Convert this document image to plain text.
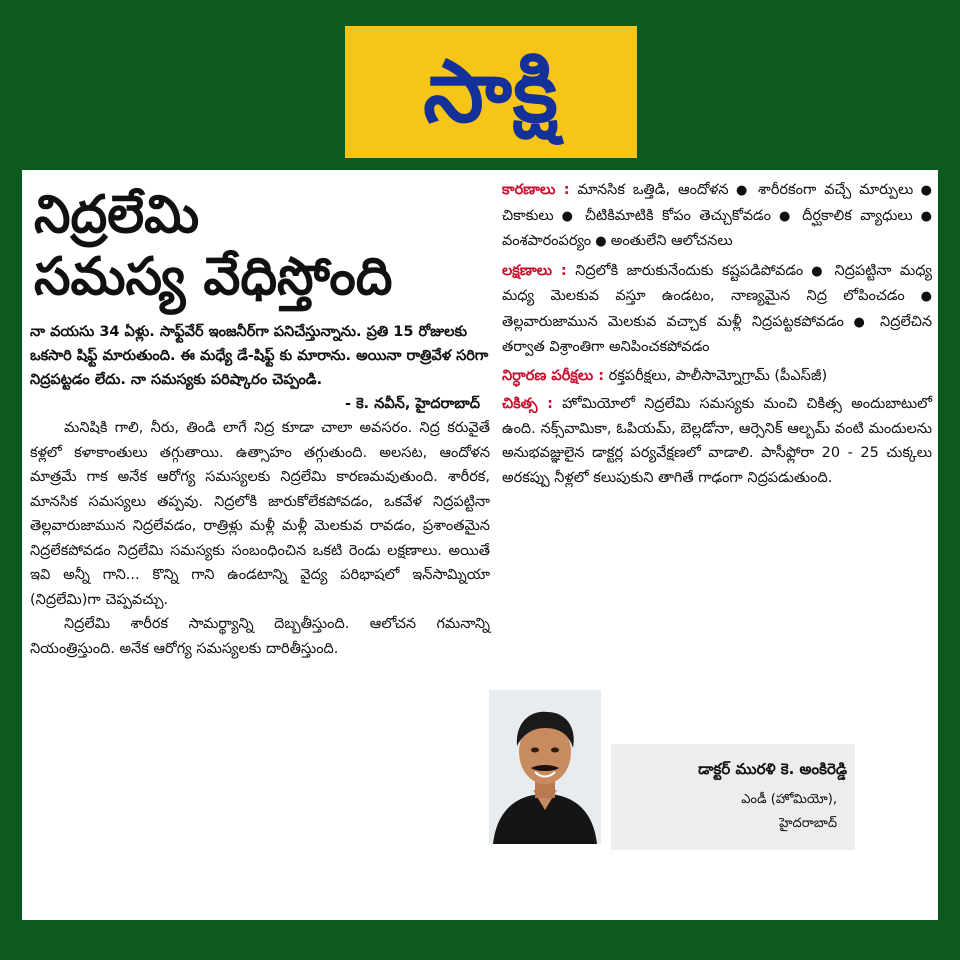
సాక్షి
నిద్రలేమి
సమస్య వేధిస్తోంది
నా వయసు 34 ఏళ్లు. సాఫ్ట్‌వేర్ ఇంజనీర్‌గా పనిచేస్తున్నాను. ప్రతి 15 రోజులకు ఒకసారి షిఫ్ట్ మారుతుంది. ఈ మధ్యే డే-షిఫ్ట్ కు మారాను. అయినా రాత్రివేళ సరిగా నిద్రపట్టడం లేదు. నా సమస్యకు పరిష్కారం చెప్పండి.
- కె. నవీన్, హైదరాబాద్

మనిషికి గాలి, నీరు, తిండి లాగే నిద్ర కూడా చాలా అవసరం. నిద్ర కరువైతే కళ్లలో కళాకాంతులు తగ్గుతాయి. ఉత్సాహం తగ్గుతుంది. అలసట, ఆందోళన మాత్రమే గాక అనేక ఆరోగ్య సమస్యలకు నిద్రలేమి కారణమవుతుంది. శారీరక, మానసిక సమస్యలు తప్పవు. నిద్రలోకి జారుకోలేకపోవడం, ఒకవేళ నిద్రపట్టినా తెల్లవారుజామున నిద్రలేవడం, రాత్రిళ్లు మళ్లీ మళ్లీ మెలకువ రావడం, ప్రశాంతమైన నిద్రలేకపోవడం నిద్రలేమి సమస్యకు సంబంధించిన ఒకటి రెండు లక్షణాలు. అయితే ఇవి అన్నీ గాని... కొన్ని గాని ఉండటాన్ని వైద్య పరిభాషలో ఇన్‌సామ్నియా (నిద్రలేమి)గా చెప్పవచ్చు.

నిద్రలేమి శారీరక సామర్థ్యాన్ని దెబ్బతీస్తుంది. ఆలోచన గమనాన్ని నియంత్రిస్తుంది. అనేక ఆరోగ్య సమస్యలకు దారితీస్తుంది.

కారణాలు : మానసిక ఒత్తిడి, ఆందోళన ● శారీరకంగా వచ్చే మార్పులు ● చికాకులు ● చీటికిమాటికి కోపం తెచ్చుకోవడం ● దీర్ఘకాలిక వ్యాధులు ● వంశపారంపర్యం ● అంతులేని ఆలోచనలు

లక్షణాలు : నిద్రలోకి జారుకునేందుకు కష్టపడిపోవడం ● నిద్రపట్టినా మధ్య మధ్య మెలకువ వస్తూ ఉండటం, నాణ్యమైన నిద్ర లోపించడం ● తెల్లవారుజామున మెలకువ వచ్చాక మళ్లీ నిద్రపట్టకపోవడం ● నిద్రలేచిన తర్వాత విశ్రాంతిగా అనిపించకపోవడం

నిర్ధారణ పరీక్షలు : రక్తపరీక్షలు, పాలీసామ్నోగ్రామ్ (పీఎస్‌జీ)

చికిత్స : హోమియోలో నిద్రలేమి సమస్యకు మంచి చికిత్స అందుబాటులో ఉంది. నక్స్‌వామికా, ఓపియమ్, బెల్లడోనా, ఆర్సెనిక్ ఆల్బమ్ వంటి మందులను అనుభవజ్ఞులైన డాక్టర్ల పర్యవేక్షణలో వాడాలి. పాసీఫ్లోరా 20 - 25 చుక్కలు అరకప్పు నీళ్లలో కలుపుకుని తాగితే గాఢంగా నిద్రపడుతుంది.

డాక్టర్ మురళి కె. అంకిరెడ్డి
ఎండీ (హోమియో),
హైదరాబాద్
